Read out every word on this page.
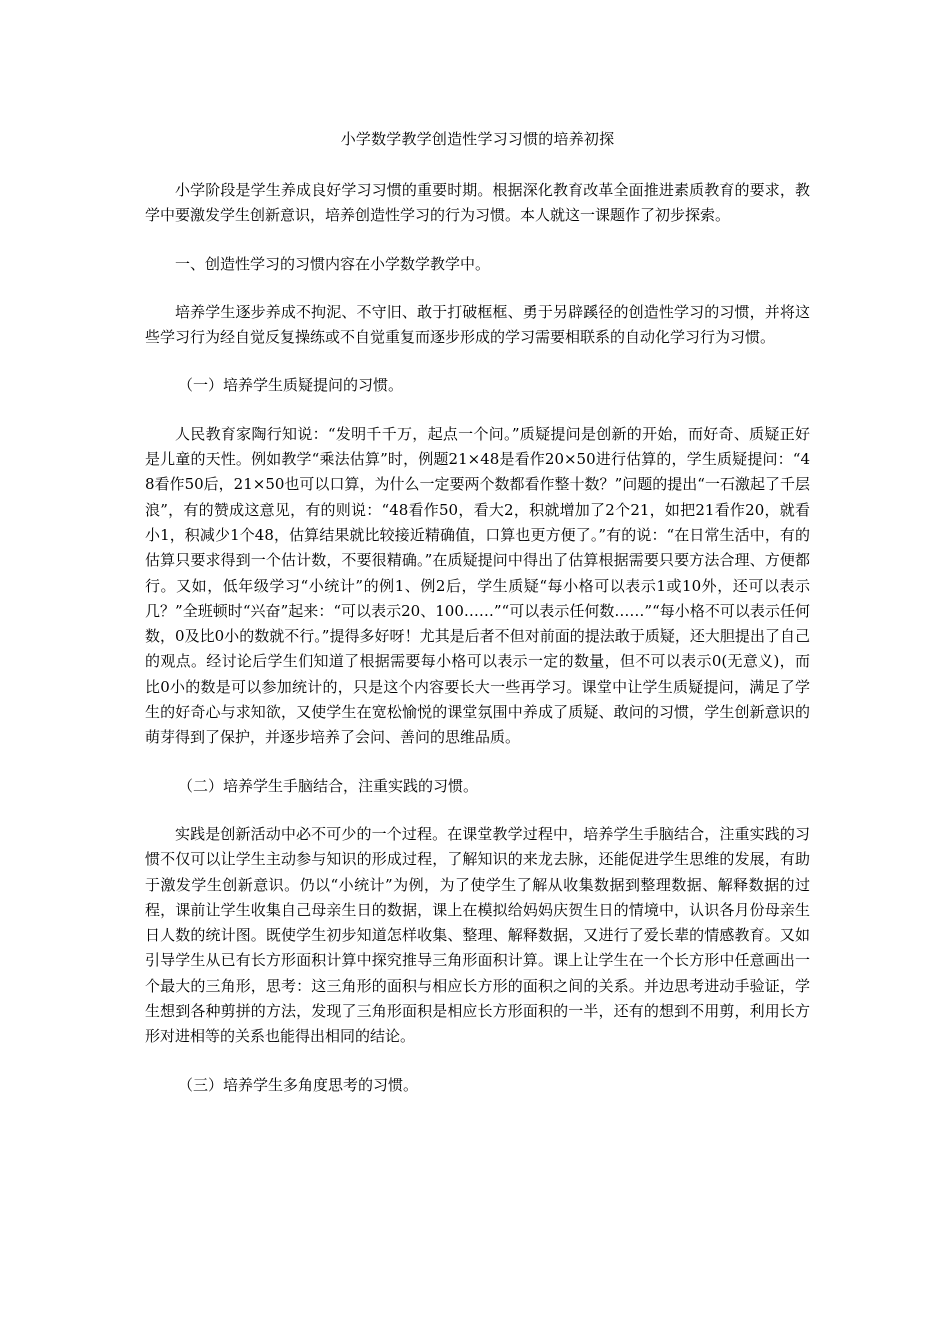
小学数学教学创造性学习习惯的培养初探

小学阶段是学生养成良好学习习惯的重要时期。根据深化教育改革全面推进素质教育的要求，教学中要激发学生创新意识，培养创造性学习的行为习惯。本人就这一课题作了初步探索。

一、创造性学习的习惯内容在小学数学教学中。

培养学生逐步养成不拘泥、不守旧、敢于打破框框、勇于另辟蹊径的创造性学习的习惯，并将这些学习行为经自觉反复操练或不自觉重复而逐步形成的学习需要相联系的自动化学习行为习惯。

（一）培养学生质疑提问的习惯。

人民教育家陶行知说：“发明千千万，起点一个问。”质疑提问是创新的开始，而好奇、质疑正好是儿童的天性。例如教学“乘法估算”时，例题21×48是看作20×50进行估算的，学生质疑提问：“48看作50后，21×50也可以口算，为什么一定要两个数都看作整十数？”问题的提出“一石激起了千层浪”，有的赞成这意见，有的则说：“48看作50，看大2，积就增加了2个21，如把21看作20，就看小1，积减少1个48，估算结果就比较接近精确值，口算也更方便了。”有的说：“在日常生活中，有的估算只要求得到一个估计数，不要很精确。”在质疑提问中得出了估算根据需要只要方法合理、方便都行。又如，低年级学习“小统计”的例1、例2后，学生质疑“每小格可以表示1或10外，还可以表示几？”全班顿时“兴奋”起来：“可以表示20、100……”“可以表示任何数……”“每小格不可以表示任何数，0及比0小的数就不行。”提得多好呀！尤其是后者不但对前面的提法敢于质疑，还大胆提出了自己的观点。经讨论后学生们知道了根据需要每小格可以表示一定的数量，但不可以表示0(无意义)，而比0小的数是可以参加统计的，只是这个内容要长大一些再学习。课堂中让学生质疑提问，满足了学生的好奇心与求知欲，又使学生在宽松愉悦的课堂氛围中养成了质疑、敢问的习惯，学生创新意识的萌芽得到了保护，并逐步培养了会问、善问的思维品质。

（二）培养学生手脑结合，注重实践的习惯。

实践是创新活动中必不可少的一个过程。在课堂教学过程中，培养学生手脑结合，注重实践的习惯不仅可以让学生主动参与知识的形成过程，了解知识的来龙去脉，还能促进学生思维的发展，有助于激发学生创新意识。仍以“小统计”为例，为了使学生了解从收集数据到整理数据、解释数据的过程，课前让学生收集自己母亲生日的数据，课上在模拟给妈妈庆贺生日的情境中，认识各月份母亲生日人数的统计图。既使学生初步知道怎样收集、整理、解释数据，又进行了爱长辈的情感教育。又如引导学生从已有长方形面积计算中探究推导三角形面积计算。课上让学生在一个长方形中任意画出一个最大的三角形，思考：这三角形的面积与相应长方形的面积之间的关系。并边思考进动手验证，学生想到各种剪拼的方法，发现了三角形面积是相应长方形面积的一半，还有的想到不用剪，利用长方形对进相等的关系也能得出相同的结论。

（三）培养学生多角度思考的习惯。
